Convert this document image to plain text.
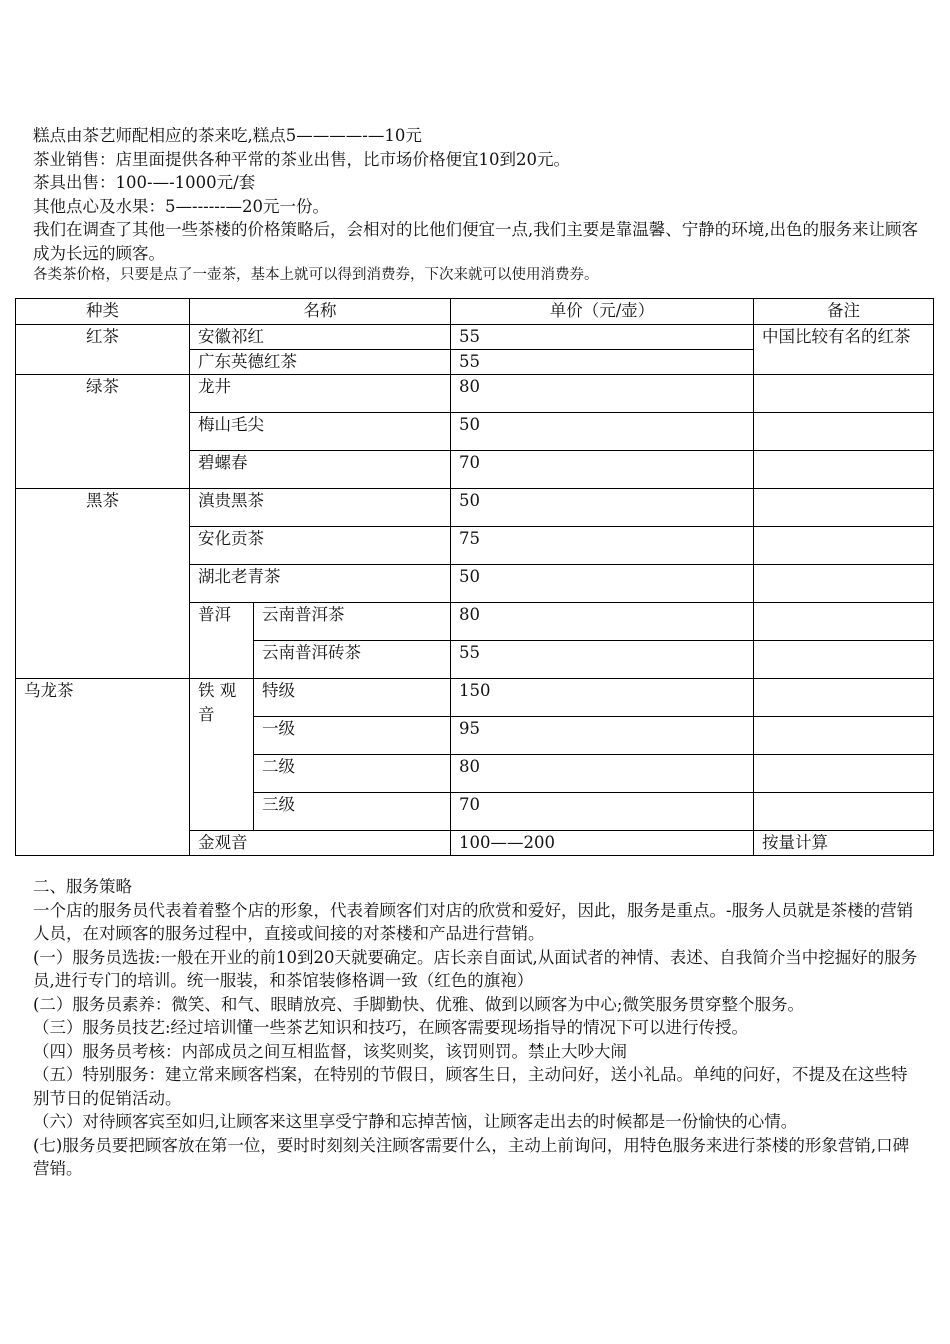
糕点由茶艺师配相应的茶来吃,糕点5————-—10元

茶业销售：店里面提供各种平常的茶业出售，比市场价格便宜10到20元。

茶具出售：100-—-1000元/套

其他点心及水果：5—------—20元一份。

我们在调查了其他一些茶楼的价格策略后，会相对的比他们便宜一点,我们主要是靠温馨、宁静的环境,出色的服务来让顾客成为长远的顾客。

各类茶价格，只要是点了一壶茶，基本上就可以得到消费券，下次来就可以使用消费券。

种类	名称		单价（元/壶）	备注
红茶	安徽祁红		55	中国比较有名的红茶
	广东英德红茶		55	
绿茶	龙井		80	
	梅山毛尖		50	
	碧螺春		70	
黑茶	滇贵黑茶		50	
	安化贡茶		75	
	湖北老青茶		50	
	普洱	云南普洱茶	80	
		云南普洱砖茶	55	
乌龙茶	铁 观 音	特级	150	
		一级	95	
		二级	80	
		三级	70	
	金观音		100——200	按量计算

二、服务策略

一个店的服务员代表着着整个店的形象，代表着顾客们对店的欣赏和爱好，因此，服务是重点。-服务人员就是茶楼的营销人员，在对顾客的服务过程中，直接或间接的对茶楼和产品进行营销。

(一）服务员选拔:一般在开业的前10到20天就要确定。店长亲自面试,从面试者的神情、表述、自我简介当中挖掘好的服务员,进行专门的培训。统一服装，和茶馆装修格调一致（红色的旗袍）

(二）服务员素养：微笑、和气、眼睛放亮、手脚勤快、优雅、做到以顾客为中心;微笑服务贯穿整个服务。

（三）服务员技艺:经过培训懂一些茶艺知识和技巧，在顾客需要现场指导的情况下可以进行传授。

（四）服务员考核：内部成员之间互相监督，该奖则奖，该罚则罚。禁止大吵大闹

（五）特别服务：建立常来顾客档案，在特别的节假日，顾客生日，主动问好，送小礼品。单纯的问好，不提及在这些特别节日的促销活动。

（六）对待顾客宾至如归,让顾客来这里享受宁静和忘掉苦恼，让顾客走出去的时候都是一份愉快的心情。

(七)服务员要把顾客放在第一位，要时时刻刻关注顾客需要什么，主动上前询问，用特色服务来进行茶楼的形象营销,口碑营销。
